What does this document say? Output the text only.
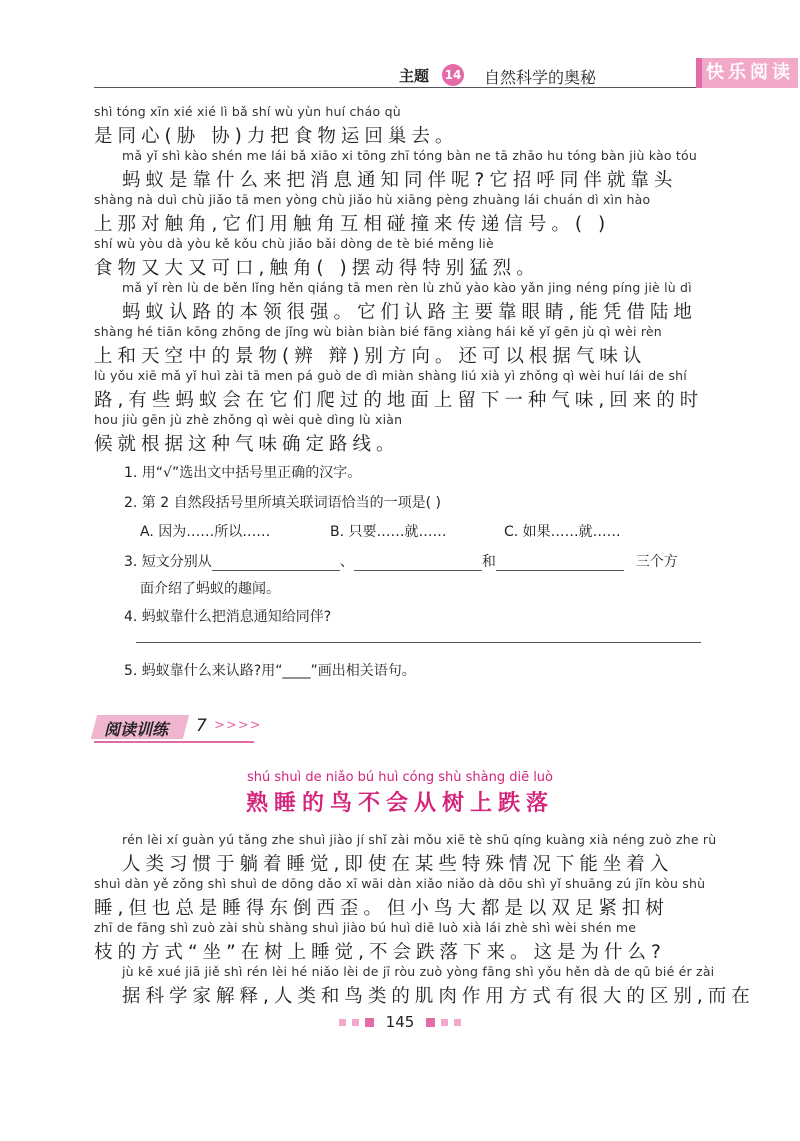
主题 14 自然科学的奥秘	快乐阅读
shì tóng xīn xié xié lì bǎ shí wù yùn huí cháo qù
是同心(胁 协)力把食物运回巢去。
mǎ yǐ shì kào shén me lái bǎ xiāo xi tōng zhī tóng bàn ne tā zhāo hu tóng bàn jiù kào tóu
蚂蚁是靠什么来把消息通知同伴呢?它招呼同伴就靠头
shàng nà duì chù jiǎo tā men yòng chù jiǎo hù xiāng pèng zhuàng lái chuán dì xìn hào
上那对触角,它们用触角互相碰撞来传递信号。( )
shí wù yòu dà yòu kě kǒu chù jiǎo bǎi dòng de tè bié měng liè
食物又大又可口,触角( )摆动得特别猛烈。
mǎ yǐ rèn lù de běn lǐng hěn qiáng tā men rèn lù zhǔ yào kào yǎn jing néng píng jiè lù dì
蚂蚁认路的本领很强。它们认路主要靠眼睛,能凭借陆地
shàng hé tiān kōng zhōng de jǐng wù biàn biàn bié fāng xiàng hái kě yǐ gēn jù qì wèi rèn
上和天空中的景物(辨 辩)别方向。还可以根据气味认
lù yǒu xiē mǎ yǐ huì zài tā men pá guò de dì miàn shàng liú xià yì zhǒng qì wèi huí lái de shí
路,有些蚂蚁会在它们爬过的地面上留下一种气味,回来的时
hou jiù gēn jù zhè zhǒng qì wèi què dìng lù xiàn
候就根据这种气味确定路线。
1. 用“√”选出文中括号里正确的汉字。
2. 第 2 自然段括号里所填关联词语恰当的一项是( )
A. 因为……所以……	B. 只要……就……	C. 如果……就……
3. 短文分别从	、	和	三个方
面介绍了蚂蚁的趣闻。
4. 蚂蚁靠什么把消息通知给同伴?
5. 蚂蚁靠什么来认路?用“____”画出相关语句。
阅读训练 7 >>>>
shú shuì de niǎo bú huì cóng shù shàng diē luò
熟睡的鸟不会从树上跌落
rén lèi xí guàn yú tǎng zhe shuì jiào jí shǐ zài mǒu xiē tè shū qíng kuàng xià néng zuò zhe rù
人类习惯于躺着睡觉,即使在某些特殊情况下能坐着入
shuì dàn yě zǒng shì shuì de dōng dǎo xī wāi dàn xiǎo niǎo dà dōu shì yǐ shuāng zú jǐn kòu shù
睡,但也总是睡得东倒西歪。但小鸟大都是以双足紧扣树
zhī de fāng shì zuò zài shù shàng shuì jiào bú huì diē luò xià lái zhè shì wèi shén me
枝的方式“坐”在树上睡觉,不会跌落下来。这是为什么?
jù kē xué jiā jiě shì rén lèi hé niǎo lèi de jī ròu zuò yòng fāng shì yǒu hěn dà de qū bié ér zài
据科学家解释,人类和鸟类的肌肉作用方式有很大的区别,而在
145
